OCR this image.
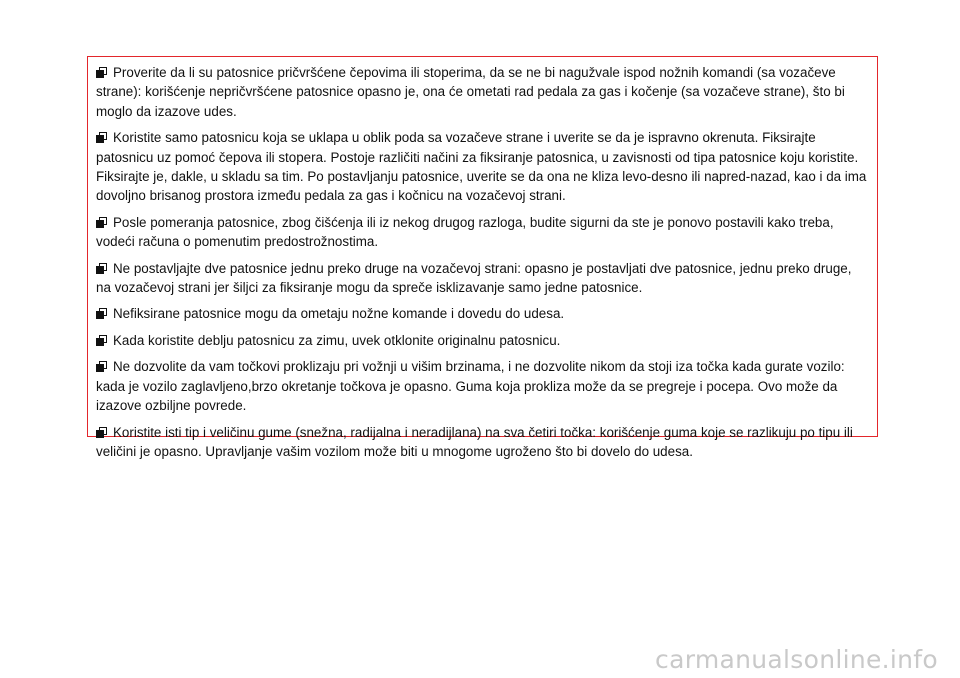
Proverite da li su patosnice pričvršćene čepovima ili stoperima, da se ne bi nagužvale ispod nožnih komandi (sa vozačeve strane): korišćenje nepričvršćene patosnice opasno je, ona će ometati rad pedala za gas i kočenje (sa vozačeve strane), što bi moglo da izazove udes.

Koristite samo patosnicu koja se uklapa u oblik poda sa vozačeve strane i uverite se da je ispravno okrenuta. Fiksirajte patosnicu uz pomoć čepova ili stopera. Postoje različiti načini za fiksiranje patosnica, u zavisnosti od tipa patosnice koju koristite. Fiksirajte je, dakle, u skladu sa tim. Po postavljanju patosnice, uverite se da ona ne kliza levo-desno ili napred-nazad, kao i da ima dovoljno brisanog prostora između pedala za gas i kočnicu na vozačevoj strani.

Posle pomeranja patosnice, zbog čišćenja ili iz nekog drugog razloga, budite sigurni da ste je ponovo postavili kako treba, vodeći računa o pomenutim predostrožnostima.

Ne postavljajte dve patosnice jednu preko druge na vozačevoj strani: opasno je postavljati dve patosnice, jednu preko druge, na vozačevoj strani jer šiljci za fiksiranje mogu da spreče isklizavanje samo jedne patosnice.

Nefiksirane patosnice mogu da ometaju nožne komande i dovedu do udesa.

Kada koristite deblju patosnicu za zimu, uvek otklonite originalnu patosnicu.

Ne dozvolite da vam točkovi proklizaju pri vožnji u višim brzinama, i ne dozvolite nikom da stoji iza točka kada gurate vozilo: kada je vozilo zaglavljeno,brzo okretanje točkova je opasno. Guma koja prokliza može da se pregreje i pocepa. Ovo može da izazove ozbiljne povrede.

Koristite isti tip i veličinu gume (snežna, radijalna i neradijlana) na sva četiri točka: korišćenje guma koje se razlikuju po tipu ili veličini je opasno. Upravljanje vašim vozilom može biti u mnogome ugroženo što bi dovelo do udesa.

carmanualsonline.info
